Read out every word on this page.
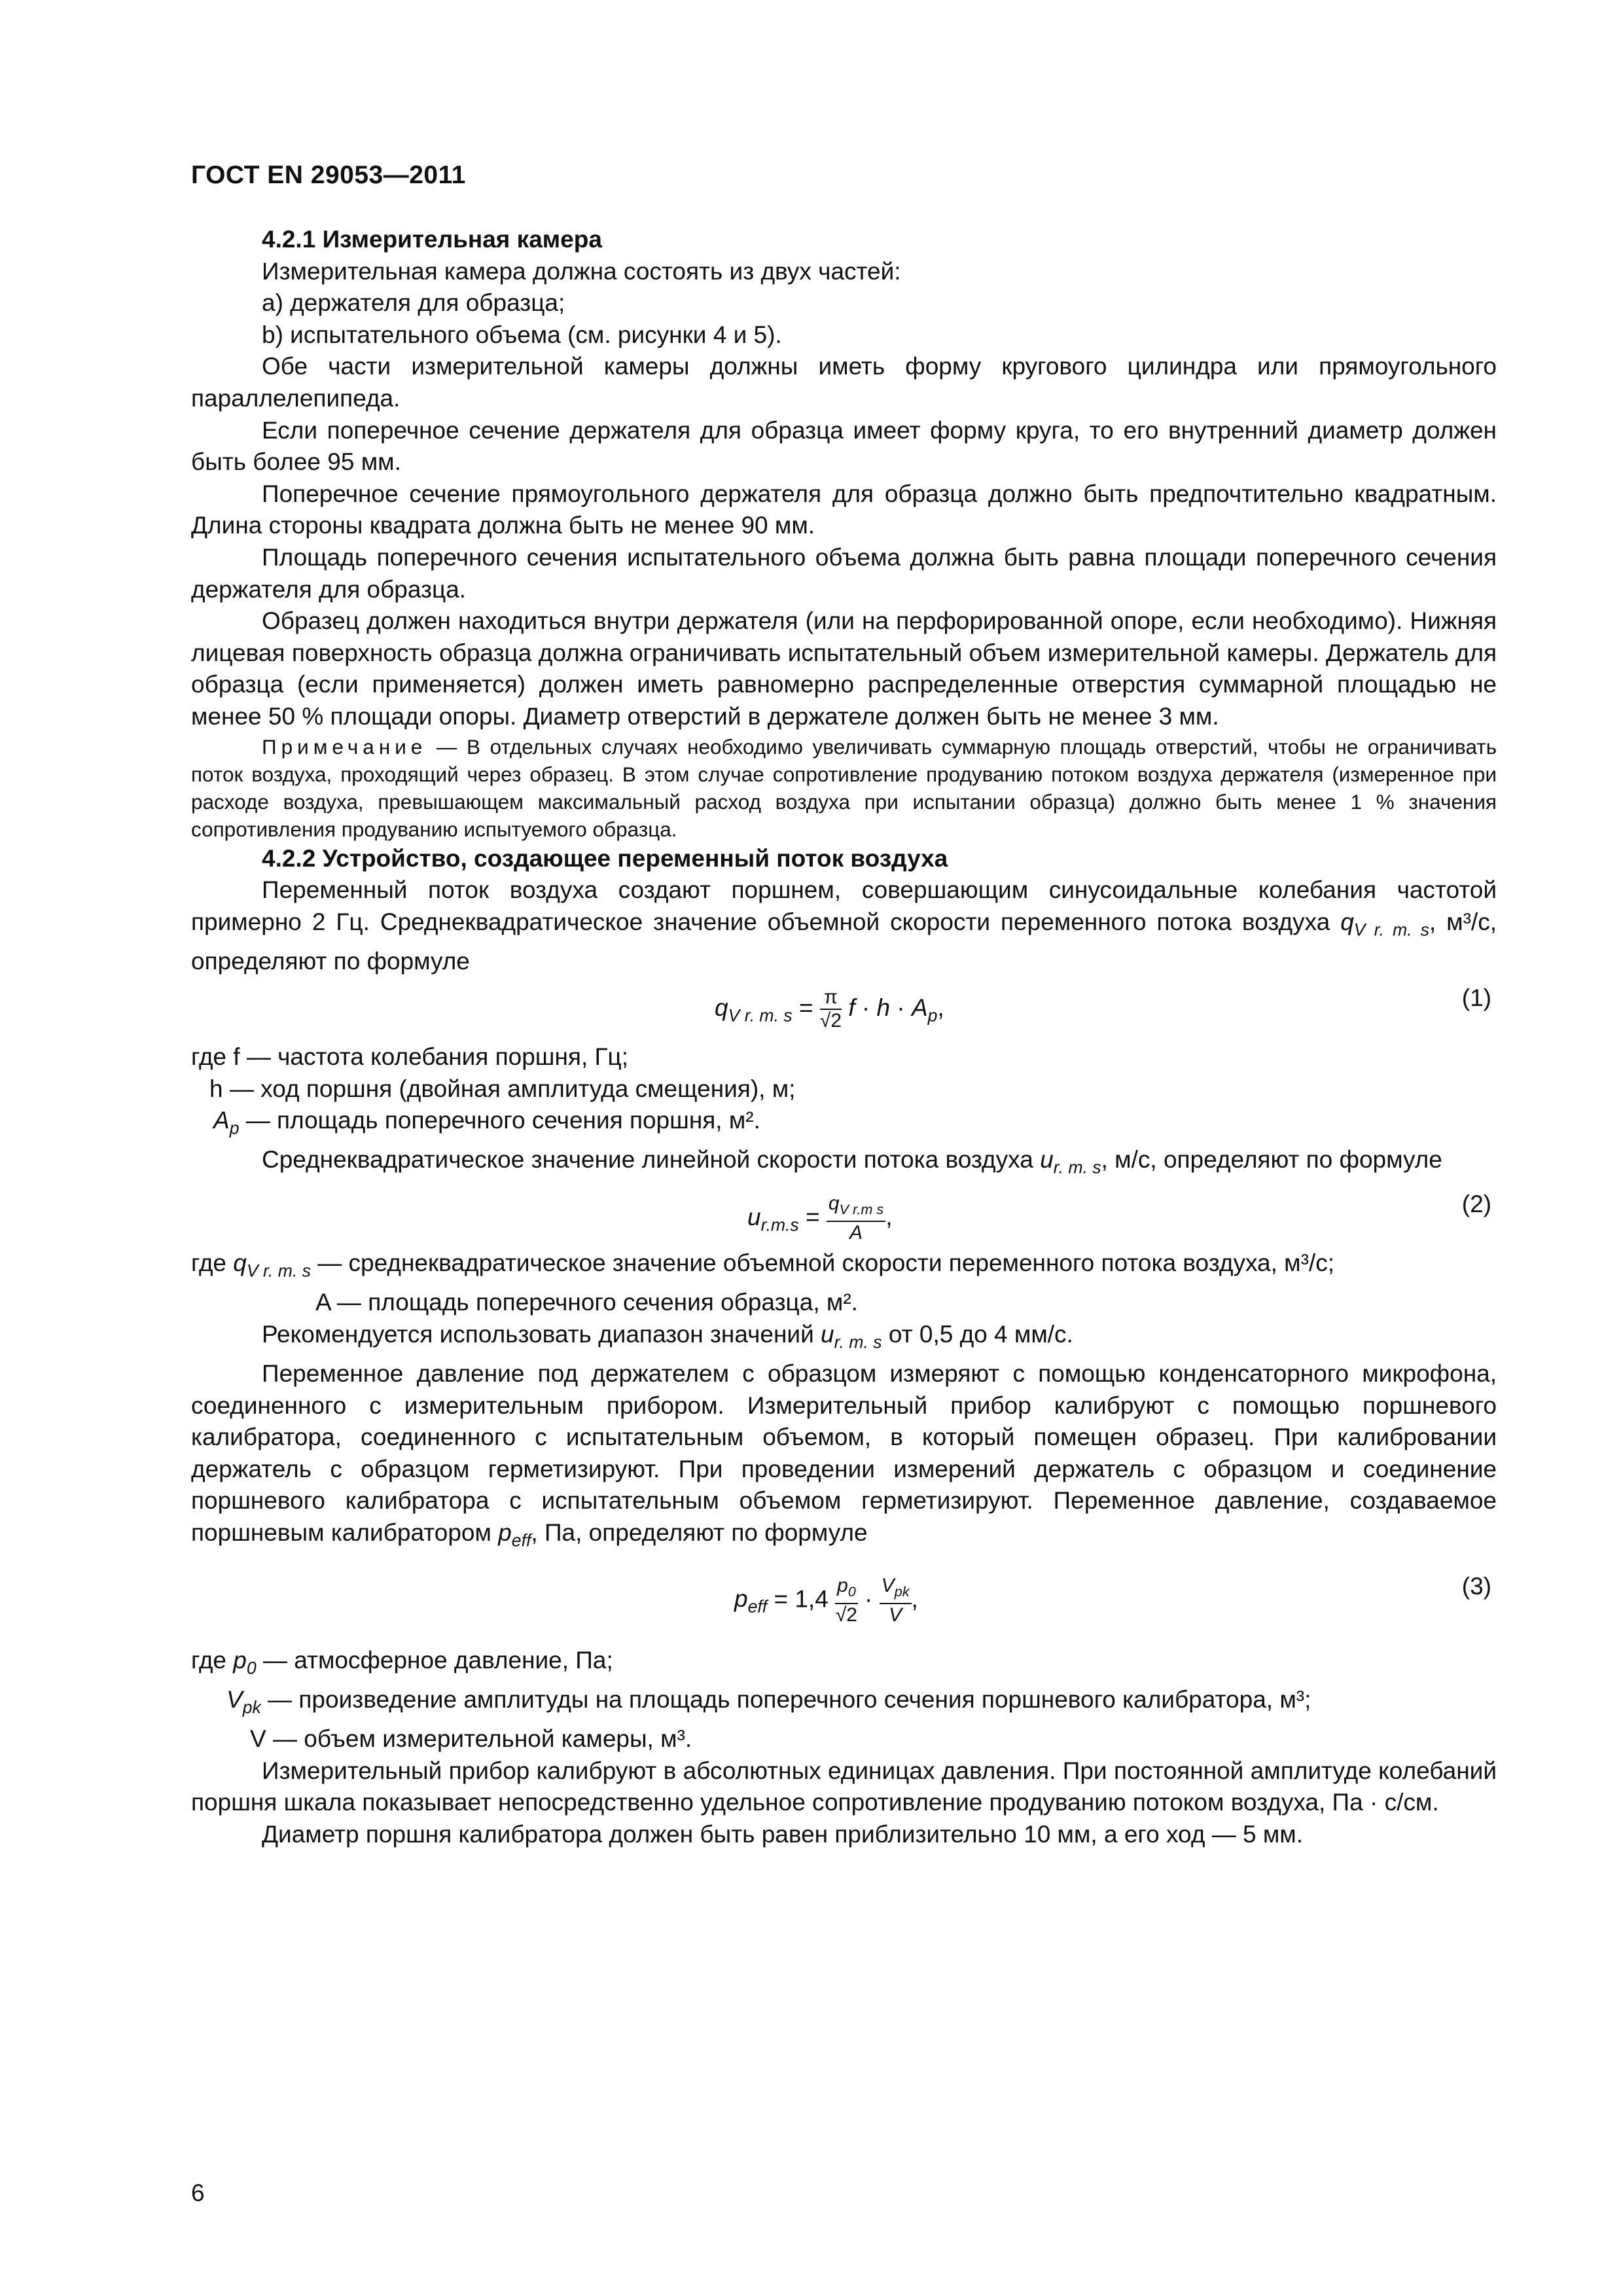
ГОСТ EN 29053—2011

4.2.1 Измерительная камера

Измерительная камера должна состоять из двух частей:

a) держателя для образца;

b) испытательного объема (см. рисунки 4 и 5).

Обе части измерительной камеры должны иметь форму кругового цилиндра или прямоугольного параллелепипеда.

Если поперечное сечение держателя для образца имеет форму круга, то его внутренний диаметр должен быть более 95 мм.

Поперечное сечение прямоугольного держателя для образца должно быть предпочтительно квадратным. Длина стороны квадрата должна быть не менее 90 мм.

Площадь поперечного сечения испытательного объема должна быть равна площади поперечного сечения держателя для образца.

Образец должен находиться внутри держателя (или на перфорированной опоре, если необходимо). Нижняя лицевая поверхность образца должна ограничивать испытательный объем измерительной камеры. Держатель для образца (если применяется) должен иметь равномерно распределенные отверстия суммарной площадью не менее 50 % площади опоры. Диаметр отверстий в держателе должен быть не менее 3 мм.

Примечание — В отдельных случаях необходимо увеличивать суммарную площадь отверстий, чтобы не ограничивать поток воздуха, проходящий через образец. В этом случае сопротивление продуванию потоком воздуха держателя (измеренное при расходе воздуха, превышающем максимальный расход воздуха при испытании образца) должно быть менее 1 % значения сопротивления продуванию испытуемого образца.

4.2.2 Устройство, создающее переменный поток воздуха

Переменный поток воздуха создают поршнем, совершающим синусоидальные колебания частотой примерно 2 Гц. Среднеквадратическое значение объемной скорости переменного потока воздуха $q_{V r. m. s}$, м³/с, определяют по формуле

$q_{V r. m. s} = \frac{\pi}{√2}$ $f \cdot h \cdot A_p$,	(1)

где f — частота колебания поршня, Гц;

h — ход поршня (двойная амплитуда смещения), м;

$A_p$ — площадь поперечного сечения поршня, м².

Среднеквадратическое значение линейной скорости потока воздуха $u_{r. m. s}$, м/с, определяют по формуле

$u_{r.m.s} = \frac{q_{V r.m s}}{A}$ ,	(2)

где $q_{V r. m. s}$ — среднеквадратическое значение объемной скорости переменного потока воздуха, м³/с;

A — площадь поперечного сечения образца, м².

Рекомендуется использовать диапазон значений $u_{r. m. s}$ от 0,5 до 4 мм/с.

Переменное давление под держателем с образцом измеряют с помощью конденсаторного микрофона, соединенного с измерительным прибором. Измерительный прибор калибруют с помощью поршневого калибратора, соединенного с испытательным объемом, в который помещен образец. При калибровании держатель с образцом герметизируют. При проведении измерений держатель с образцом и соединение поршневого калибратора с испытательным объемом герметизируют. Переменное давление, создаваемое поршневым калибратором $p_{eff}$, Па, определяют по формуле

$p_{eff} = 1,4 \frac{p_0}{√2} \cdot \frac{V_{pk}}{V}$ ,	(3)

где $p_0$ — атмосферное давление, Па;

$V_{pk}$ — произведение амплитуды на площадь поперечного сечения поршневого калибратора, м³;

V — объем измерительной камеры, м³.

Измерительный прибор калибруют в абсолютных единицах давления. При постоянной амплитуде колебаний поршня шкала показывает непосредственно удельное сопротивление продуванию потоком воздуха, Па · с/см.

Диаметр поршня калибратора должен быть равен приблизительно 10 мм, а его ход — 5 мм.

6
